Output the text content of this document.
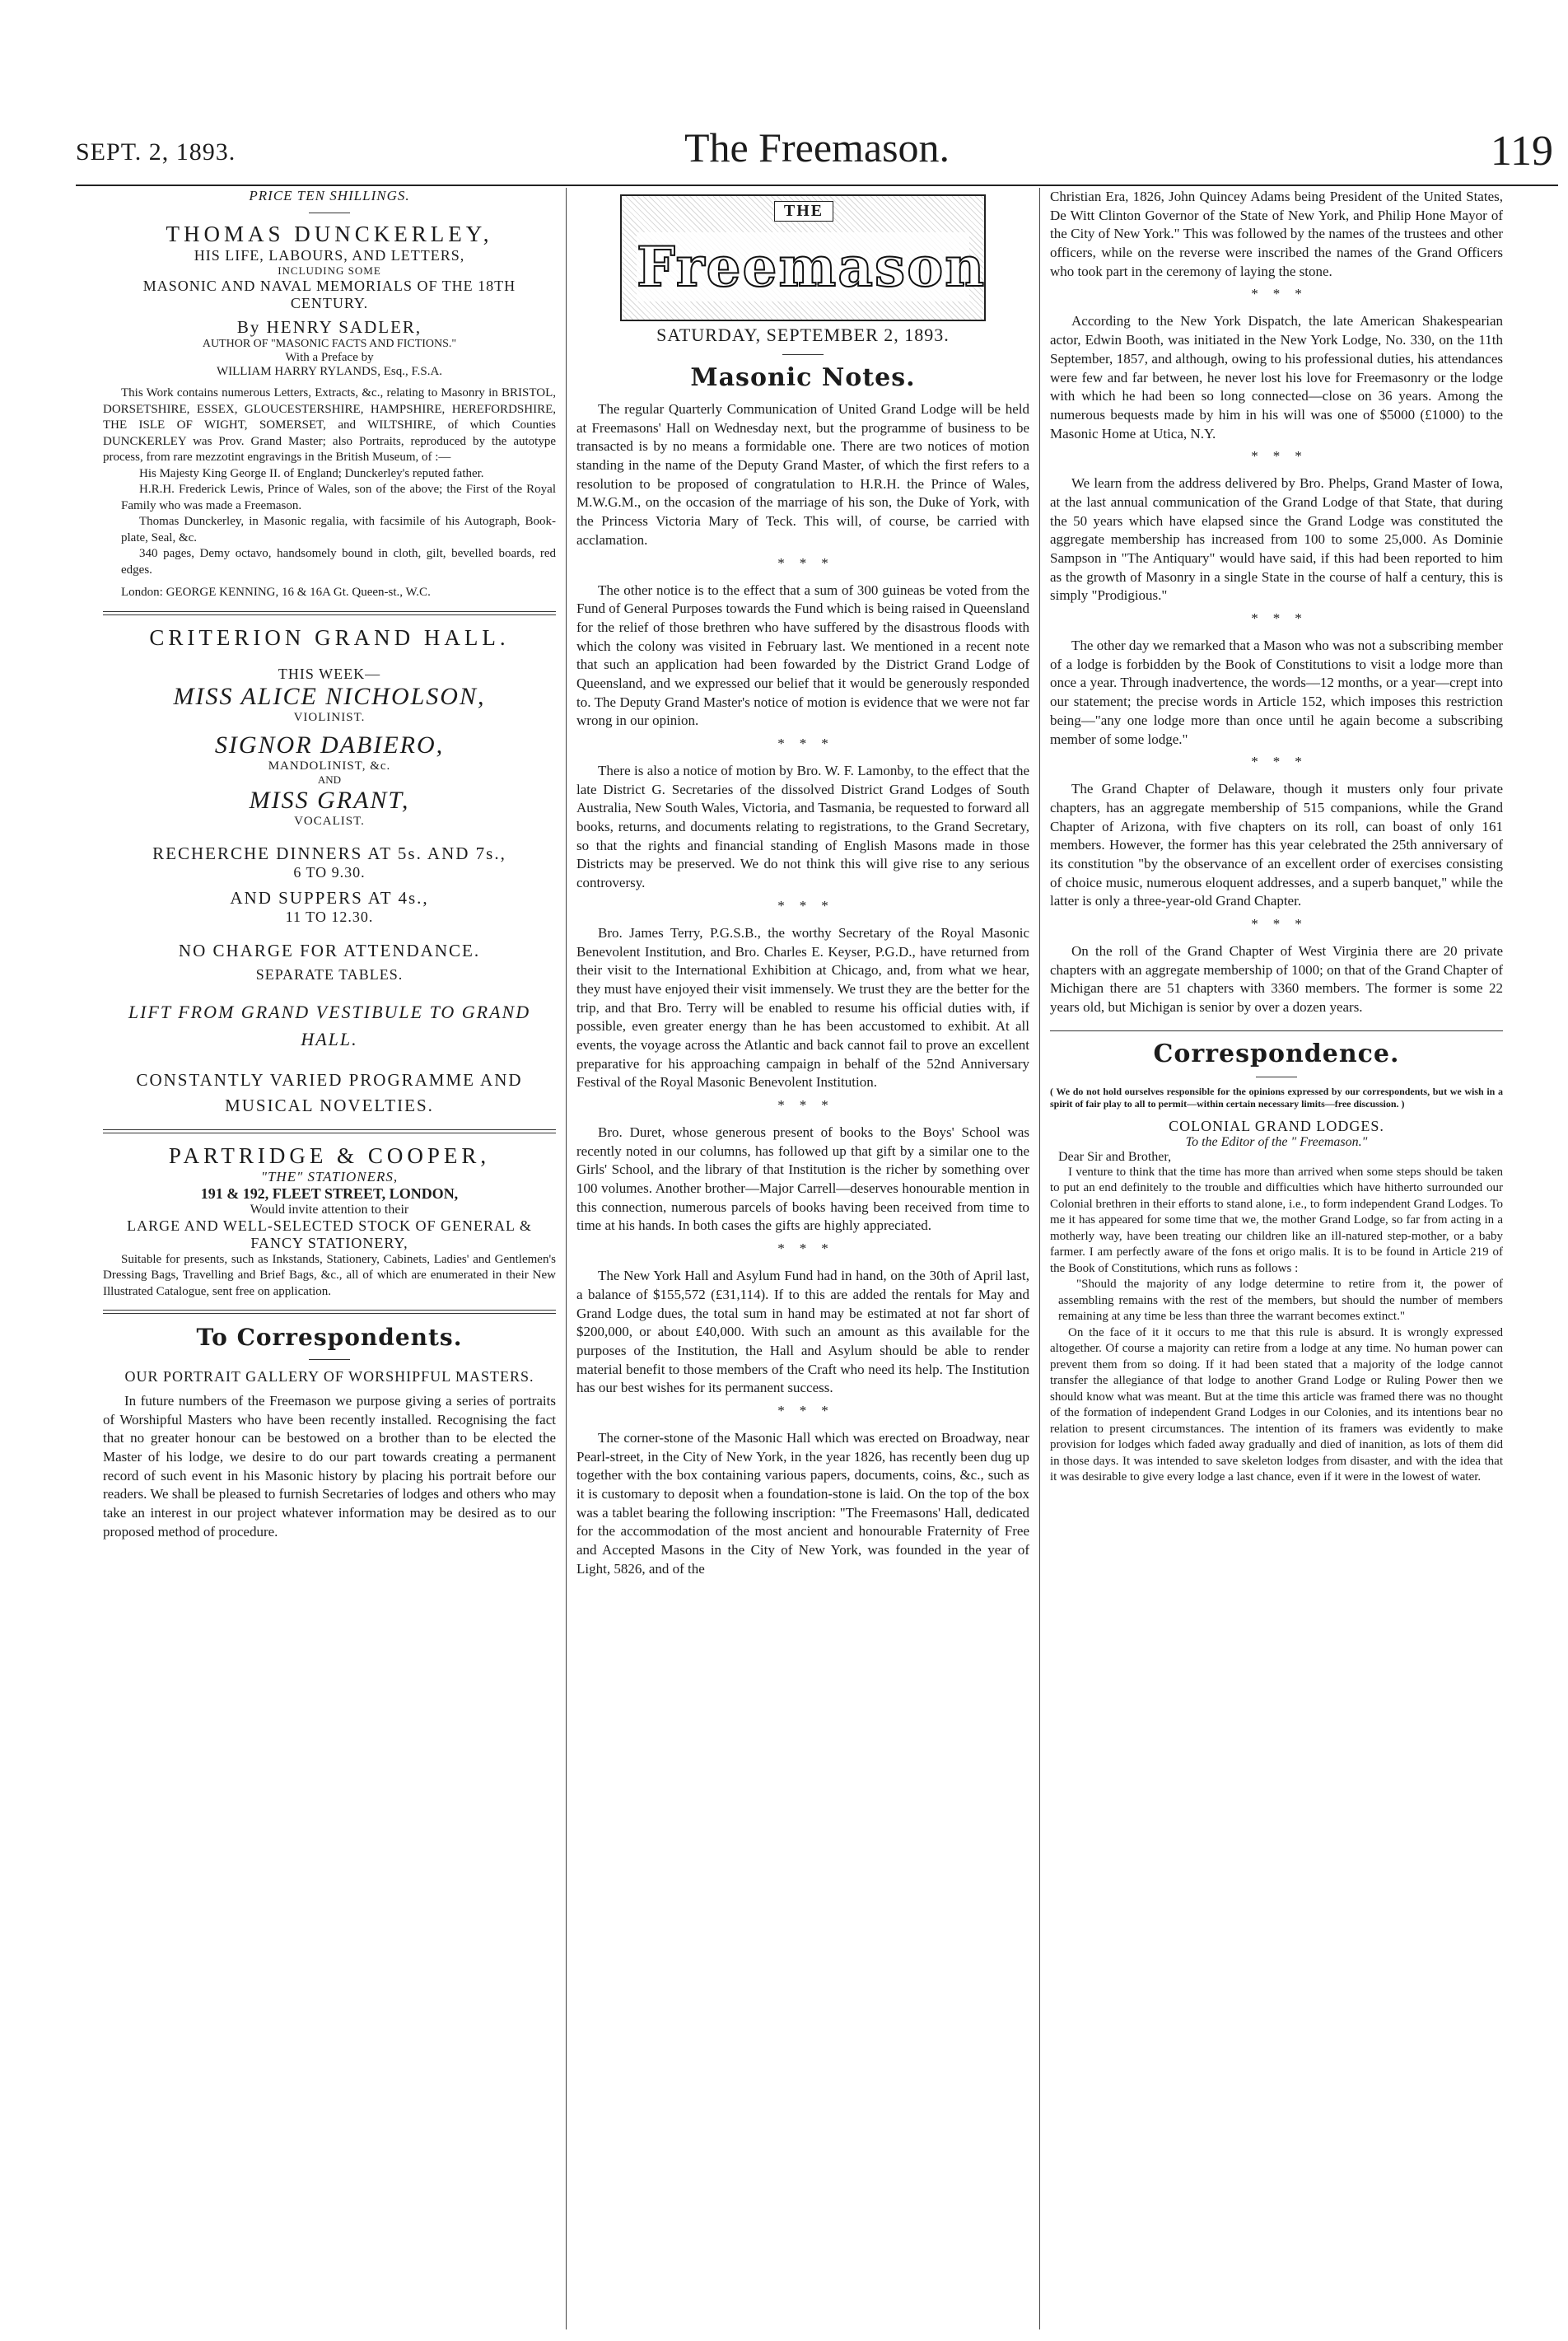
SEPT. 2, 1893.	The Freemason.	119
PRICE TEN SHILLINGS.
THOMAS DUNCKERLEY,
HIS LIFE, LABOURS, AND LETTERS,
INCLUDING SOME
MASONIC AND NAVAL MEMORIALS OF THE 18TH CENTURY.
By HENRY SADLER,
AUTHOR OF "MASONIC FACTS AND FICTIONS."
With a Preface by
WILLIAM HARRY RYLANDS, Esq., F.S.A.

This Work contains numerous Letters, Extracts, &c., relating to Masonry in BRISTOL, DORSETSHIRE, ESSEX, GLOUCESTERSHIRE, HAMPSHIRE, HEREFORDSHIRE, THE ISLE OF WIGHT, SOMERSET, and WILTSHIRE, of which Counties DUNCKERLEY was Prov. Grand Master; also Portraits, reproduced by the autotype process, from rare mezzotint engravings in the British Museum, of :—

His Majesty King George II. of England; Dunckerley's reputed father.

H.R.H. Frederick Lewis, Prince of Wales, son of the above; the First of the Royal Family who was made a Freemason.

Thomas Dunckerley, in Masonic regalia, with facsimile of his Autograph, Book-plate, Seal, &c.

340 pages, Demy octavo, handsomely bound in cloth, gilt, bevelled boards, red edges.

London: GEORGE KENNING, 16 & 16A Gt. Queen-st., W.C.

CRITERION GRAND HALL.
THIS WEEK—
MISS ALICE NICHOLSON,
VIOLINIST.
SIGNOR DABIERO,
MANDOLINIST, &c.
AND
MISS GRANT,
VOCALIST.
RECHERCHE DINNERS AT 5s. AND 7s.,
6 TO 9.30.
AND SUPPERS AT 4s.,
11 TO 12.30.
NO CHARGE FOR ATTENDANCE.
SEPARATE TABLES.
LIFT FROM GRAND VESTIBULE TO GRAND HALL.
CONSTANTLY VARIED PROGRAMME AND MUSICAL NOVELTIES.
PARTRIDGE & COOPER,
"THE" STATIONERS,
191 & 192, FLEET STREET, LONDON,
Would invite attention to their
LARGE AND WELL-SELECTED STOCK OF GENERAL & FANCY STATIONERY,

Suitable for presents, such as Inkstands, Stationery, Cabinets, Ladies' and Gentlemen's Dressing Bags, Travelling and Brief Bags, &c., all of which are enumerated in their New Illustrated Catalogue, sent free on application.

To Correspondents.
OUR PORTRAIT GALLERY OF WORSHIPFUL MASTERS.

In future numbers of the Freemason we purpose giving a series of portraits of Worshipful Masters who have been recently installed. Recognising the fact that no greater honour can be bestowed on a brother than to be elected the Master of his lodge, we desire to do our part towards creating a permanent record of such event in his Masonic history by placing his portrait before our readers. We shall be pleased to furnish Secretaries of lodges and others who may take an interest in our project whatever information may be desired as to our proposed method of procedure.

THE
Freemason
SATURDAY, SEPTEMBER 2, 1893.
Masonic Notes.

The regular Quarterly Communication of United Grand Lodge will be held at Freemasons' Hall on Wednesday next, but the programme of business to be transacted is by no means a formidable one. There are two notices of motion standing in the name of the Deputy Grand Master, of which the first refers to a resolution to be proposed of congratulation to H.R.H. the Prince of Wales, M.W.G.M., on the occasion of the marriage of his son, the Duke of York, with the Princess Victoria Mary of Teck. This will, of course, be carried with acclamation.

***

The other notice is to the effect that a sum of 300 guineas be voted from the Fund of General Purposes towards the Fund which is being raised in Queensland for the relief of those brethren who have suffered by the disastrous floods with which the colony was visited in February last. We mentioned in a recent note that such an application had been fowarded by the District Grand Lodge of Queensland, and we expressed our belief that it would be generously responded to. The Deputy Grand Master's notice of motion is evidence that we were not far wrong in our opinion.

***

There is also a notice of motion by Bro. W. F. Lamonby, to the effect that the late District G. Secretaries of the dissolved District Grand Lodges of South Australia, New South Wales, Victoria, and Tasmania, be requested to forward all books, returns, and documents relating to registrations, to the Grand Secretary, so that the rights and financial standing of English Masons made in those Districts may be preserved. We do not think this will give rise to any serious controversy.

***

Bro. James Terry, P.G.S.B., the worthy Secretary of the Royal Masonic Benevolent Institution, and Bro. Charles E. Keyser, P.G.D., have returned from their visit to the International Exhibition at Chicago, and, from what we hear, they must have enjoyed their visit immensely. We trust they are the better for the trip, and that Bro. Terry will be enabled to resume his official duties with, if possible, even greater energy than he has been accustomed to exhibit. At all events, the voyage across the Atlantic and back cannot fail to prove an excellent preparative for his approaching campaign in behalf of the 52nd Anniversary Festival of the Royal Masonic Benevolent Institution.

***

Bro. Duret, whose generous present of books to the Boys' School was recently noted in our columns, has followed up that gift by a similar one to the Girls' School, and the library of that Institution is the richer by something over 100 volumes. Another brother—Major Carrell—deserves honourable mention in this connection, numerous parcels of books having been received from time to time at his hands. In both cases the gifts are highly appreciated.

***

The New York Hall and Asylum Fund had in hand, on the 30th of April last, a balance of $155,572 (£31,114). If to this are added the rentals for May and Grand Lodge dues, the total sum in hand may be estimated at not far short of $200,000, or about £40,000. With such an amount as this available for the purposes of the Institution, the Hall and Asylum should be able to render material benefit to those members of the Craft who need its help. The Institution has our best wishes for its permanent success.

***

The corner-stone of the Masonic Hall which was erected on Broadway, near Pearl-street, in the City of New York, in the year 1826, has recently been dug up together with the box containing various papers, documents, coins, &c., such as it is customary to deposit when a foundation-stone is laid. On the top of the box was a tablet bearing the following inscription: "The Freemasons' Hall, dedicated for the accommodation of the most ancient and honourable Fraternity of Free and Accepted Masons in the City of New York, was founded in the year of Light, 5826, and of the

Christian Era, 1826, John Quincey Adams being President of the United States, De Witt Clinton Governor of the State of New York, and Philip Hone Mayor of the City of New York." This was followed by the names of the trustees and other officers, while on the reverse were inscribed the names of the Grand Officers who took part in the ceremony of laying the stone.

***

According to the New York Dispatch, the late American Shakespearian actor, Edwin Booth, was initiated in the New York Lodge, No. 330, on the 11th September, 1857, and although, owing to his professional duties, his attendances were few and far between, he never lost his love for Freemasonry or the lodge with which he had been so long connected—close on 36 years. Among the numerous bequests made by him in his will was one of $5000 (£1000) to the Masonic Home at Utica, N.Y.

***

We learn from the address delivered by Bro. Phelps, Grand Master of Iowa, at the last annual communication of the Grand Lodge of that State, that during the 50 years which have elapsed since the Grand Lodge was constituted the aggregate membership has increased from 100 to some 25,000. As Dominie Sampson in "The Antiquary" would have said, if this had been reported to him as the growth of Masonry in a single State in the course of half a century, this is simply "Prodigious."

***

The other day we remarked that a Mason who was not a subscribing member of a lodge is forbidden by the Book of Constitutions to visit a lodge more than once a year. Through inadvertence, the words—12 months, or a year—crept into our statement; the precise words in Article 152, which imposes this restriction being—"any one lodge more than once until he again become a subscribing member of some lodge."

***

The Grand Chapter of Delaware, though it musters only four private chapters, has an aggregate membership of 515 companions, while the Grand Chapter of Arizona, with five chapters on its roll, can boast of only 161 members. However, the former has this year celebrated the 25th anniversary of its constitution "by the observance of an excellent order of exercises consisting of choice music, numerous eloquent addresses, and a superb banquet," while the latter is only a three-year-old Grand Chapter.

***

On the roll of the Grand Chapter of West Virginia there are 20 private chapters with an aggregate membership of 1000; on that of the Grand Chapter of Michigan there are 51 chapters with 3360 members. The former is some 22 years old, but Michigan is senior by over a dozen years.

Correspondence.

( We do not hold ourselves responsible for the opinions expressed by our correspondents, but we wish in a spirit of fair play to all to permit—within certain necessary limits—free discussion. )

COLONIAL GRAND LODGES.
To the Editor of the " Freemason."
Dear Sir and Brother,

I venture to think that the time has more than arrived when some steps should be taken to put an end definitely to the trouble and difficulties which have hitherto surrounded our Colonial brethren in their efforts to stand alone, i.e., to form independent Grand Lodges. To me it has appeared for some time that we, the mother Grand Lodge, so far from acting in a motherly way, have been treating our children like an ill-natured step-mother, or a baby farmer. I am perfectly aware of the fons et origo malis. It is to be found in Article 219 of the Book of Constitutions, which runs as follows :

"Should the majority of any lodge determine to retire from it, the power of assembling remains with the rest of the members, but should the number of members remaining at any time be less than three the warrant becomes extinct."

On the face of it it occurs to me that this rule is absurd. It is wrongly expressed altogether. Of course a majority can retire from a lodge at any time. No human power can prevent them from so doing. If it had been stated that a majority of the lodge cannot transfer the allegiance of that lodge to another Grand Lodge or Ruling Power then we should know what was meant. But at the time this article was framed there was no thought of the formation of independent Grand Lodges in our Colonies, and its intentions bear no relation to present circumstances. The intention of its framers was evidently to make provision for lodges which faded away gradually and died of inanition, as lots of them did in those days. It was intended to save skeleton lodges from disaster, and with the idea that it was desirable to give every lodge a last chance, even if it were in the lowest of water.
